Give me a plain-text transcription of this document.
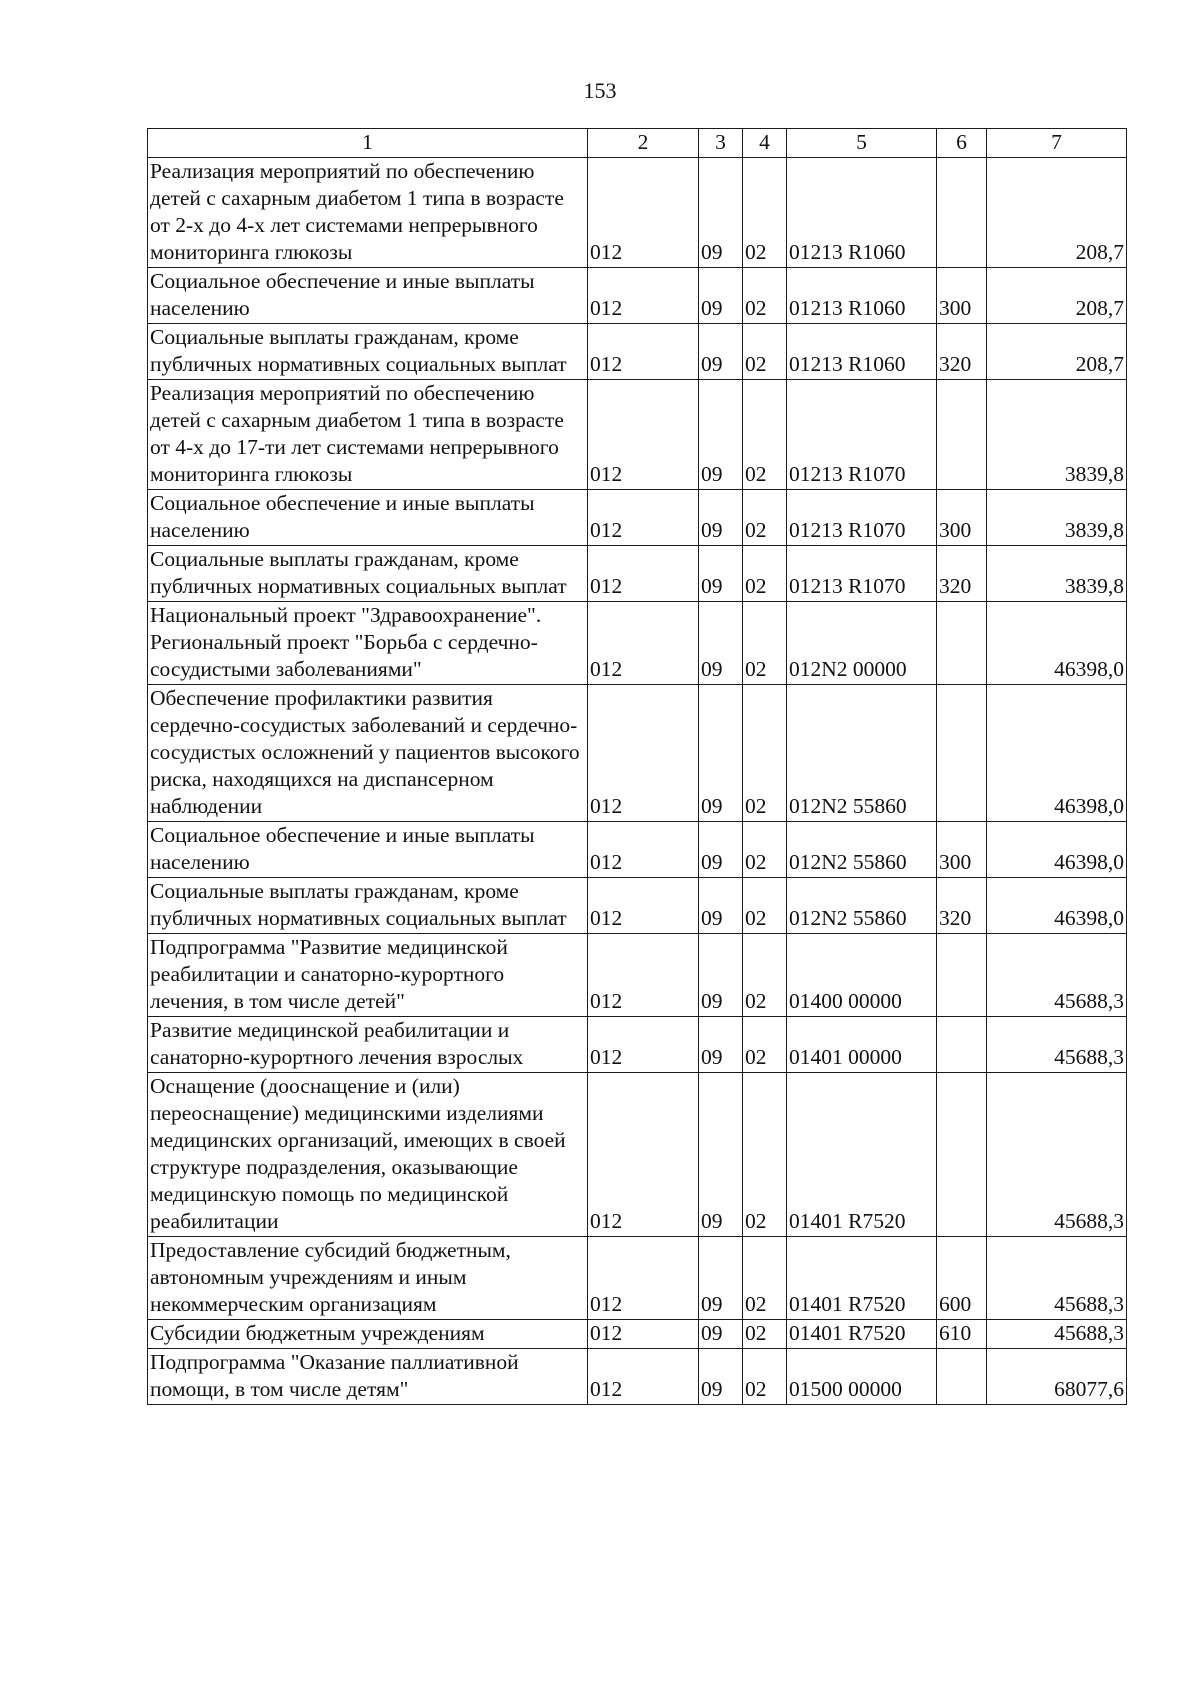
153
1	2	3	4	5	6	7
Реализация мероприятий по обеспечению детей с сахарным диабетом 1 типа в возрасте от 2-х до 4-х лет системами непрерывного мониторинга глюкозы	012	09	02	01213 R1060		208,7
Социальное обеспечение и иные выплаты населению	012	09	02	01213 R1060	300	208,7
Социальные выплаты гражданам, кроме публичных нормативных социальных выплат	012	09	02	01213 R1060	320	208,7
Реализация мероприятий по обеспечению детей с сахарным диабетом 1 типа в возрасте от 4-х до 17-ти лет системами непрерывного мониторинга глюкозы	012	09	02	01213 R1070		3839,8
Социальное обеспечение и иные выплаты населению	012	09	02	01213 R1070	300	3839,8
Социальные выплаты гражданам, кроме публичных нормативных социальных выплат	012	09	02	01213 R1070	320	3839,8
Национальный проект "Здравоохранение". Региональный проект "Борьба с сердечно-сосудистыми заболеваниями"	012	09	02	012N2 00000		46398,0
Обеспечение профилактики развития сердечно-сосудистых заболеваний и сердечно-сосудистых осложнений у пациентов высокого риска, находящихся на диспансерном наблюдении	012	09	02	012N2 55860		46398,0
Социальное обеспечение и иные выплаты населению	012	09	02	012N2 55860	300	46398,0
Социальные выплаты гражданам, кроме публичных нормативных социальных выплат	012	09	02	012N2 55860	320	46398,0
Подпрограмма "Развитие медицинской реабилитации и санаторно-курортного лечения, в том числе детей"	012	09	02	01400 00000		45688,3
Развитие медицинской реабилитации и санаторно-курортного лечения взрослых	012	09	02	01401 00000		45688,3
Оснащение (дооснащение и (или) переоснащение) медицинскими изделиями медицинских организаций, имеющих в своей структуре подразделения, оказывающие медицинскую помощь по медицинской реабилитации	012	09	02	01401 R7520		45688,3
Предоставление субсидий бюджетным, автономным учреждениям и иным некоммерческим организациям	012	09	02	01401 R7520	600	45688,3
Субсидии бюджетным учреждениям	012	09	02	01401 R7520	610	45688,3
Подпрограмма "Оказание паллиативной помощи, в том числе детям"	012	09	02	01500 00000		68077,6
